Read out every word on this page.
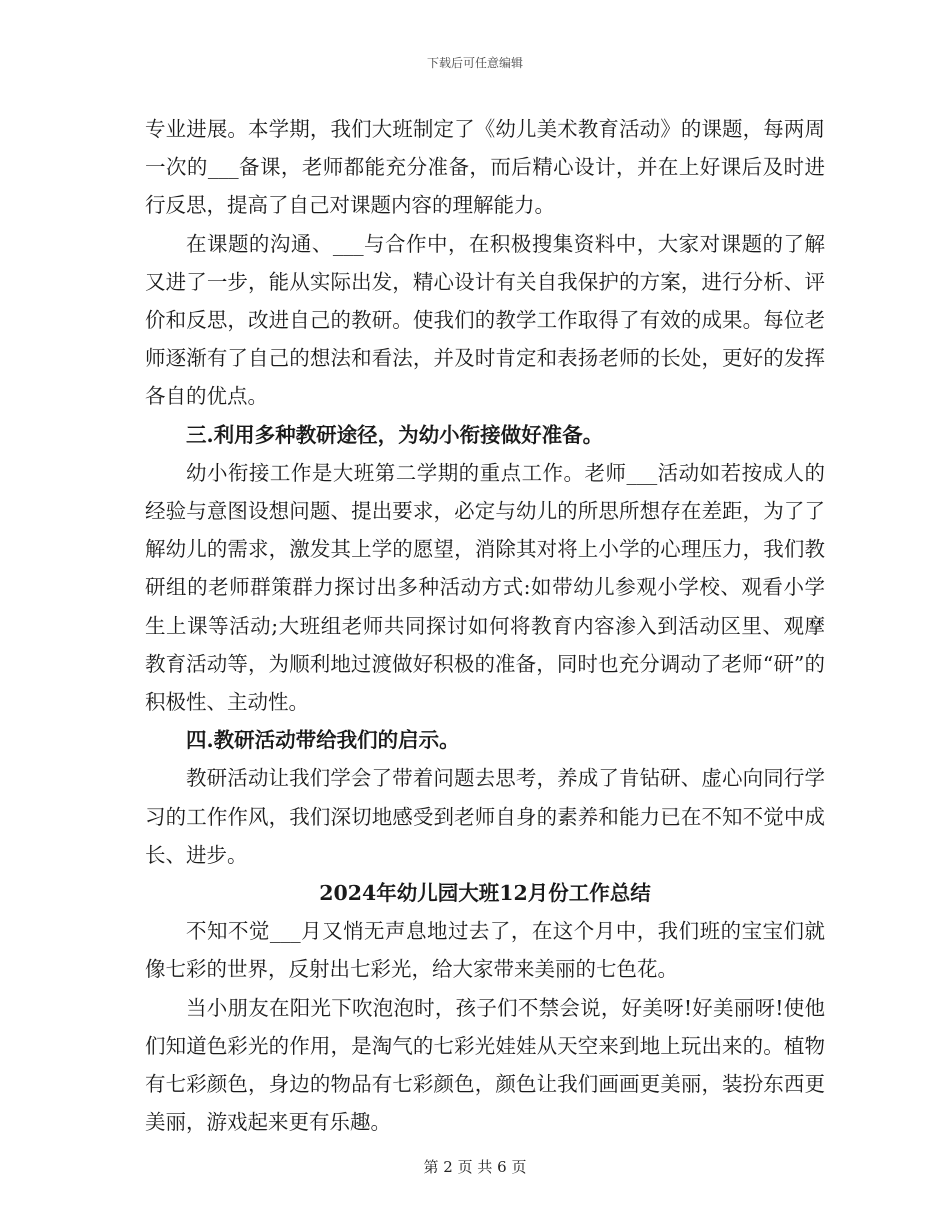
下载后可任意编辑

专业进展。本学期，我们大班制定了《幼儿美术教育活动》的课题，每两周一次的___备课，老师都能充分准备，而后精心设计，并在上好课后及时进行反思，提高了自己对课题内容的理解能力。

在课题的沟通、___与合作中，在积极搜集资料中，大家对课题的了解又进了一步，能从实际出发，精心设计有关自我保护的方案，进行分析、评价和反思，改进自己的教研。使我们的教学工作取得了有效的成果。每位老师逐渐有了自己的想法和看法，并及时肯定和表扬老师的长处，更好的发挥各自的优点。

三.利用多种教研途径，为幼小衔接做好准备。

幼小衔接工作是大班第二学期的重点工作。老师___活动如若按成人的经验与意图设想问题、提出要求，必定与幼儿的所思所想存在差距，为了了解幼儿的需求，激发其上学的愿望，消除其对将上小学的心理压力，我们教研组的老师群策群力探讨出多种活动方式:如带幼儿参观小学校、观看小学生上课等活动;大班组老师共同探讨如何将教育内容渗入到活动区里、观摩教育活动等，为顺利地过渡做好积极的准备，同时也充分调动了老师“研”的积极性、主动性。

四.教研活动带给我们的启示。

教研活动让我们学会了带着问题去思考，养成了肯钻研、虚心向同行学习的工作作风，我们深切地感受到老师自身的素养和能力已在不知不觉中成长、进步。

2024年幼儿园大班12月份工作总结

不知不觉___月又悄无声息地过去了，在这个月中，我们班的宝宝们就像七彩的世界，反射出七彩光，给大家带来美丽的七色花。

当小朋友在阳光下吹泡泡时，孩子们不禁会说，好美呀!好美丽呀!使他们知道色彩光的作用，是淘气的七彩光娃娃从天空来到地上玩出来的。植物有七彩颜色，身边的物品有七彩颜色，颜色让我们画画更美丽，装扮东西更美丽，游戏起来更有乐趣。

第 2 页 共 6 页
